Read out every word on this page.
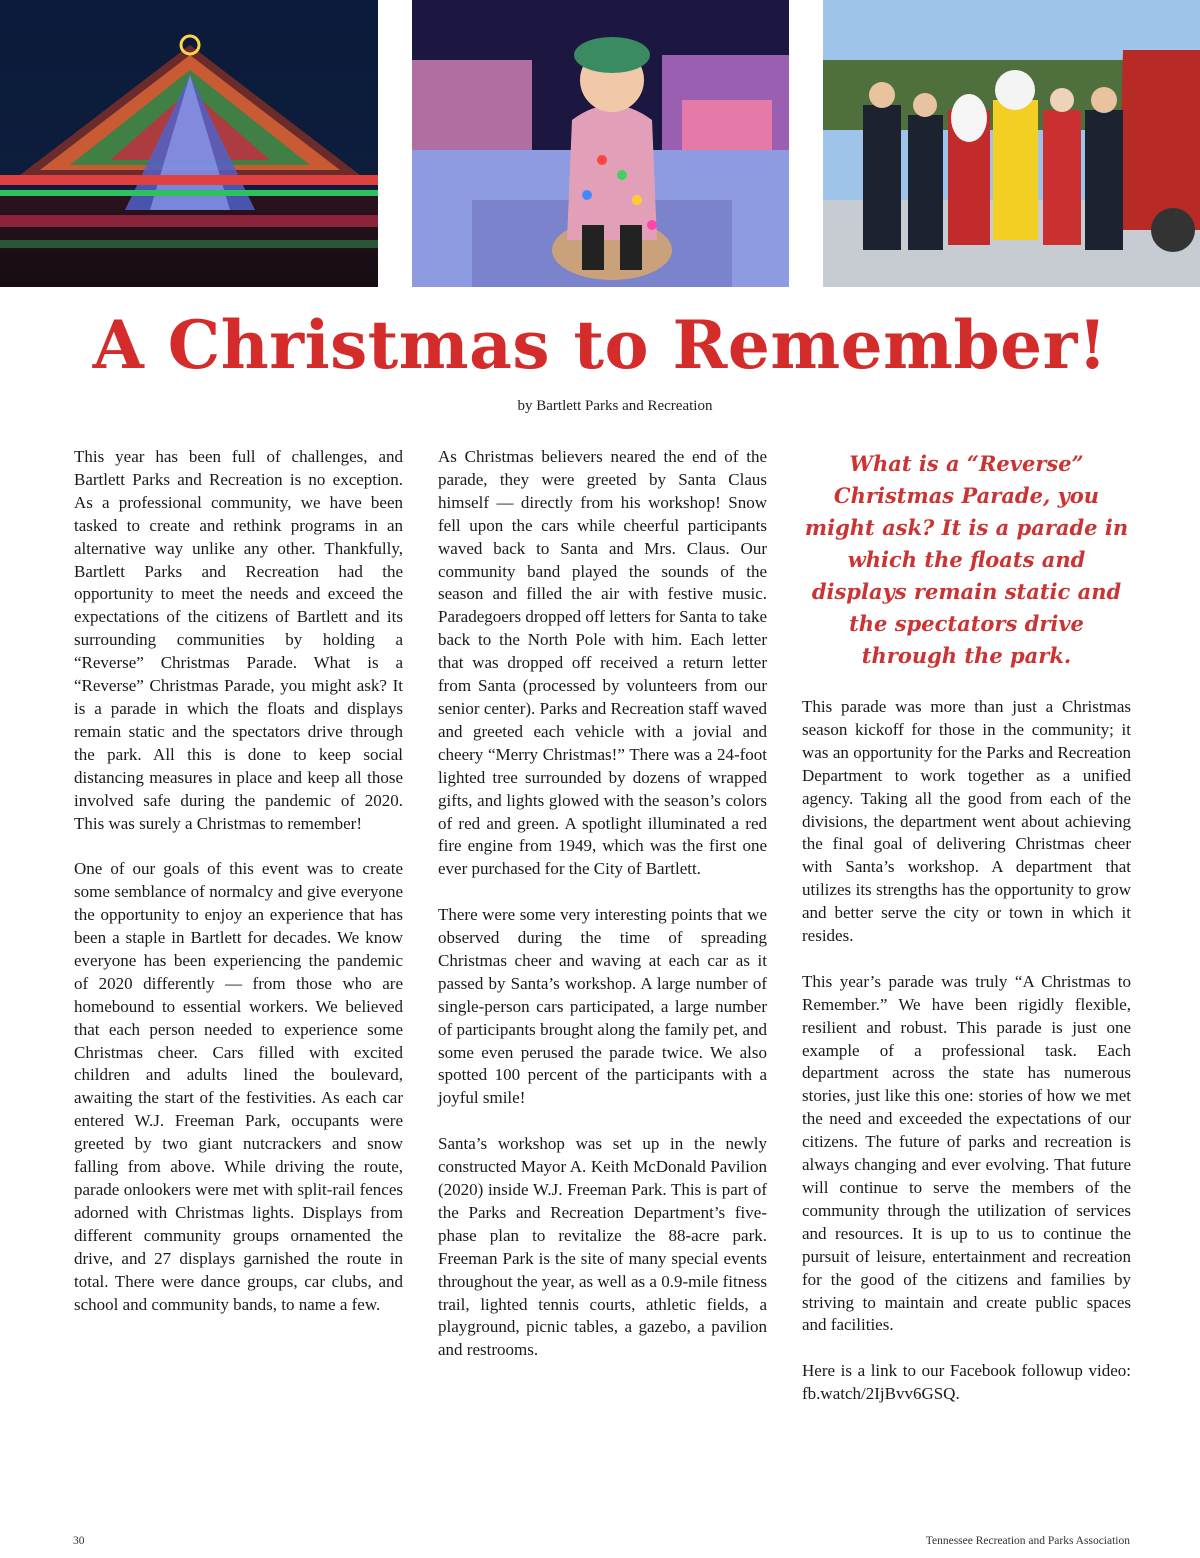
A Christmas to Remember!
by Bartlett Parks and Recreation

This year has been full of challenges, and Bartlett Parks and Recreation is no exception. As a professional community, we have been tasked to create and rethink programs in an alternative way unlike any other. Thankfully, Bartlett Parks and Recreation had the opportunity to meet the needs and exceed the expectations of the citizens of Bartlett and its surrounding communities by holding a “Reverse” Christmas Parade. What is a “Reverse” Christmas Parade, you might ask? It is a parade in which the floats and displays remain static and the spectators drive through the park. All this is done to keep social distancing measures in place and keep all those involved safe during the pandemic of 2020. This was surely a Christmas to remember!

One of our goals of this event was to create some semblance of normalcy and give everyone the opportunity to enjoy an experience that has been a staple in Bartlett for decades. We know everyone has been experiencing the pandemic of 2020 differently — from those who are homebound to essential workers. We believed that each person needed to experience some Christmas cheer. Cars filled with excited children and adults lined the boulevard, awaiting the start of the festivities. As each car entered W.J. Freeman Park, occupants were greeted by two giant nutcrackers and snow falling from above. While driving the route, parade onlookers were met with split-rail fences adorned with Christmas lights. Displays from different community groups ornamented the drive, and 27 displays garnished the route in total. There were dance groups, car clubs, and school and community bands, to name a few.

As Christmas believers neared the end of the parade, they were greeted by Santa Claus himself — directly from his workshop! Snow fell upon the cars while cheerful participants waved back to Santa and Mrs. Claus. Our community band played the sounds of the season and filled the air with festive music. Paradegoers dropped off letters for Santa to take back to the North Pole with him. Each letter that was dropped off received a return letter from Santa (processed by volunteers from our senior center). Parks and Recreation staff waved and greeted each vehicle with a jovial and cheery “Merry Christmas!” There was a 24-foot lighted tree surrounded by dozens of wrapped gifts, and lights glowed with the season’s colors of red and green. A spotlight illuminated a red fire engine from 1949, which was the first one ever purchased for the City of Bartlett.

There were some very interesting points that we observed during the time of spreading Christmas cheer and waving at each car as it passed by Santa’s workshop. A large number of single-person cars participated, a large number of participants brought along the family pet, and some even perused the parade twice. We also spotted 100 percent of the participants with a joyful smile!

Santa’s workshop was set up in the newly constructed Mayor A. Keith McDonald Pavilion (2020) inside W.J. Freeman Park. This is part of the Parks and Recreation Department’s five-phase plan to revitalize the 88-acre park. Freeman Park is the site of many special events throughout the year, as well as a 0.9-mile fitness trail, lighted tennis courts, athletic fields, a playground, picnic tables, a gazebo, a pavilion and restrooms.

What is a “Reverse” Christmas Parade, you might ask? It is a parade in which the floats and displays remain static and the spectators drive through the park.

This parade was more than just a Christmas season kickoff for those in the community; it was an opportunity for the Parks and Recreation Department to work together as a unified agency. Taking all the good from each of the divisions, the department went about achieving the final goal of delivering Christmas cheer with Santa’s workshop. A department that utilizes its strengths has the opportunity to grow and better serve the city or town in which it resides.

This year’s parade was truly “A Christmas to Remember.” We have been rigidly flexible, resilient and robust. This parade is just one example of a professional task. Each department across the state has numerous stories, just like this one: stories of how we met the need and exceeded the expectations of our citizens. The future of parks and recreation is always changing and ever evolving. That future will continue to serve the members of the community through the utilization of services and resources. It is up to us to continue the pursuit of leisure, entertainment and recreation for the good of the citizens and families by striving to maintain and create public spaces and facilities.

Here is a link to our Facebook followup video: fb.watch/2IjBvv6GSQ.

30	Tennessee Recreation and Parks Association
